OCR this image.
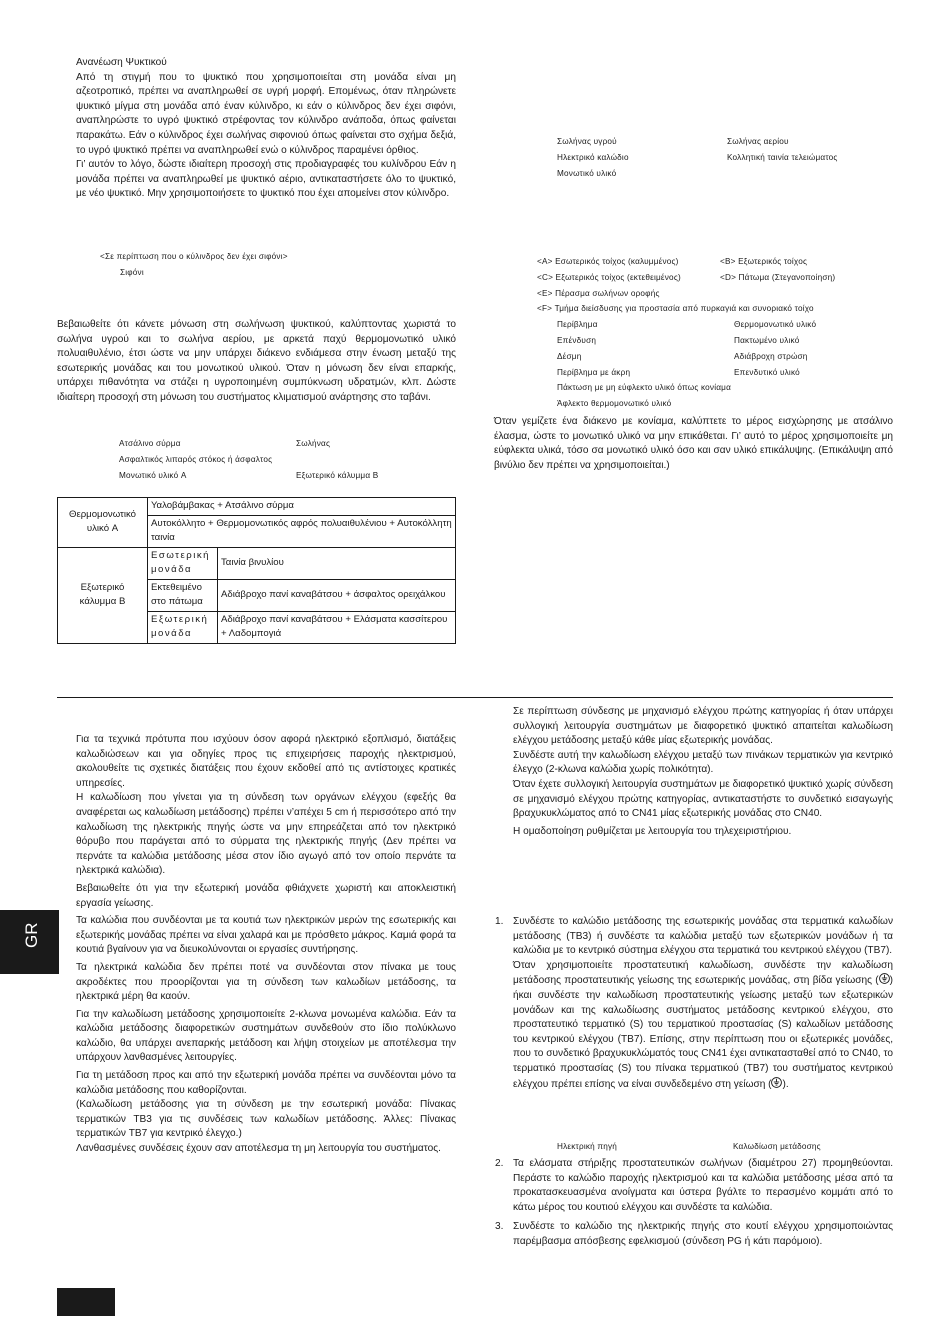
Ανανέωση Ψυκτικού

Από τη στιγμή που το ψυκτικό που χρησιμοποιείται στη μονάδα είναι μη αζεοτροπικό, πρέπει να αναπληρωθεί σε υγρή μορφή. Επομένως, όταν πληρώνετε ψυκτικό μίγμα στη μονάδα από έναν κύλινδρο, κι εάν ο κύλινδρος δεν έχει σιφόνι, αναπληρώστε το υγρό ψυκτικό στρέφοντας τον κύλινδρο ανάποδα, όπως φαίνεται παρακάτω. Εάν ο κύλινδρος έχει σωλήνας σιφονιού όπως φαίνεται στο σχήμα δεξιά, το υγρό ψυκτικό πρέπει να αναπληρωθεί ενώ ο κύλινδρος παραμένει όρθιος.

Γι’ αυτόν το λόγο, δώστε ιδιαίτερη προσοχή στις προδιαγραφές του κυλίνδρου Εάν η μονάδα πρέπει να αναπληρωθεί με ψυκτικό αέριο, αντικαταστήσετε όλο το ψυκτικό, με νέο ψυκτικό. Μην χρησιμοποιήσετε το ψυκτικό που έχει απομείνει στον κύλινδρο.

<Σε περίπτωση που ο κύλινδρος δεν έχει σιφόνι>
Σιφόνι

Βεβαιωθείτε ότι κάνετε μόνωση στη σωλήνωση ψυκτικού, καλύπτοντας χωριστά το σωλήνα υγρού και το σωλήνα αερίου, με αρκετά παχύ θερμομονωτικό υλικό πολυαιθυλένιο, έτσι ώστε να μην υπάρχει διάκενο ενδιάμεσα στην ένωση μεταξύ της εσωτερικής μονάδας και του μονωτικού υλικού. Όταν η μόνωση δεν είναι επαρκής, υπάρχει πιθανότητα να στάζει η υγροποιημένη συμπύκνωση υδρατμών, κλπ. Δώστε ιδιαίτερη προσοχή στη μόνωση του συστήματος κλιματισμού ανάρτησης στο ταβάνι.

Ατσάλινο σύρμα	Σωλήνας
Ασφαλτικός λιπαρός στόκος ή άσφαλτος
Μονωτικό υλικό A	Εξωτερικό κάλυμμα B
Θερμομονωτικό υλικό A	Υαλοβάμβακας + Ατσάλινο σύρμα	
	Αυτοκόλλητο + Θερμομονωτικός αφρός πολυαιθυλένιου + Αυτοκόλλητη ταινία	
Εξωτερικό κάλυμμα B	Εσωτερική μονάδα	Ταινία βινυλίου
	Εκτεθειμένο στο πάτωμα	Αδιάβροχο πανί καναβάτσου + άσφαλτος ορειχάλκου
	Εξωτερική μονάδα	Αδιάβροχο πανί καναβάτσου + Ελάσματα κασσίτερου + Λαδομπογιά
Σωλήνας υγρού	Σωλήνας αερίου
Ηλεκτρικό καλώδιο	Κολλητική ταινία τελειώματος
Μονωτικό υλικό
<A> Εσωτερικός τοίχος (καλυμμένος)	<B> Εξωτερικός τοίχος
<C> Εξωτερικός τοίχος (εκτεθειμένος)	<D> Πάτωμα (Στεγανοποίηση)
<E> Πέρασμα σωλήνων οροφής
<F> Τμήμα διείσδυσης για προστασία από πυρκαγιά και συνοριακό τοίχο
Περίβλημα	Θερμομονωτικό υλικό
Επένδυση	Πακτωμένο υλικό
Δέσμη	Αδιάβροχη στρώση
Περίβλημα με άκρη	Επενδυτικό υλικό
Πάκτωση με μη εύφλεκτο υλικό όπως κονίαμα
Άφλεκτο θερμομονωτικό υλικό

Όταν γεμίζετε ένα διάκενο με κονίαμα, καλύπτετε το μέρος εισχώρησης με ατσάλινο έλασμα, ώστε το μονωτικό υλικό να μην επικάθεται. Γι’ αυτό το μέρος χρησιμοποιείτε μη εύφλεκτα υλικά, τόσο σα μονωτικό υλικό όσο και σαν υλικό επικάλυψης. (Επικάλυψη από βινύλιο δεν πρέπει να χρησιμοποιείται.)

Για τα τεχνικά πρότυπα που ισχύουν όσον αφορά ηλεκτρικό εξοπλισμό, διατάξεις καλωδιώσεων και για οδηγίες προς τις επιχειρήσεις παροχής ηλεκτρισμού, ακολουθείτε τις σχετικές διατάξεις που έχουν εκδοθεί από τις αντίστοιχες κρατικές υπηρεσίες.

Η καλωδίωση που γίνεται για τη σύνδεση των οργάνων ελέγχου (εφεξής θα αναφέρεται ως καλωδίωση μετάδοσης) πρέπει ν’απέχει 5 cm ή περισσότερο από την καλωδίωση της ηλεκτρικής πηγής ώστε να μην επηρεάζεται από τον ηλεκτρικό θόρυβο που παράγεται από το σύρματα της ηλεκτρικής πηγής (Δεν πρέπει να περνάτε τα καλώδια μετάδοσης μέσα στον ίδιο αγωγό από τον οποίο περνάτε τα ηλεκτρικά καλώδια).

Βεβαιωθείτε ότι για την εξωτερική μονάδα φθιάχνετε χωριστή και αποκλειστική εργασία γείωσης.

Τα καλώδια που συνδέονται με τα κουτιά των ηλεκτρικών μερών της εσωτερικής και εξωτερικής μονάδας πρέπει να είναι χαλαρά και με πρόσθετο μάκρος. Καμιά φορά τα κουτιά βγαίνουν για να διευκολύνονται οι εργασίες συντήρησης.

Τα ηλεκτρικά καλώδια δεν πρέπει ποτέ να συνδέονται στον πίνακα με τους ακροδέκτες που προορίζονται για τη σύνδεση των καλωδίων μετάδοσης, τα ηλεκτρικά μέρη θα καούν.

Για την καλωδίωση μετάδοσης χρησιμοποιείτε 2-κλωνα μονωμένα καλώδια. Εάν τα καλώδια μετάδοσης διαφορετικών συστημάτων συνδεθούν στο ίδιο πολύκλωνο καλώδιο, θα υπάρχει ανεπαρκής μετάδοση και λήψη στοιχείων με αποτέλεσμα την υπάρχουν λανθασμένες λειτουργίες.

Για τη μετάδοση προς και από την εξωτερική μονάδα πρέπει να συνδέονται μόνο τα καλώδια μετάδοσης που καθορίζονται.

(Καλωδίωση μετάδοσης για τη σύνδεση με την εσωτερική μονάδα: Πίνακας τερματικών TB3 για τις συνδέσεις των καλωδίων μετάδοσης. Άλλες: Πίνακας τερματικών TB7 για κεντρικό έλεγχο.)

Λανθασμένες συνδέσεις έχουν σαν αποτέλεσμα τη μη λειτουργία του συστήματος.

Σε περίπτωση σύνδεσης με μηχανισμό ελέγχου πρώτης κατηγορίας ή όταν υπάρχει συλλογική λειτουργία συστημάτων με διαφορετικό ψυκτικό απαιτείται καλωδίωση ελέγχου μετάδοσης μεταξύ κάθε μίας εξωτερικής μονάδας.

Συνδέστε αυτή την καλωδίωση ελέγχου μεταξύ των πινάκων τερματικών για κεντρικό έλεγχο (2-κλωνα καλώδια χωρίς πολικότητα).

Όταν έχετε συλλογική λειτουργία συστημάτων με διαφορετικό ψυκτικό χωρίς σύνδεση σε μηχανισμό ελέγχου πρώτης κατηγορίας, αντικαταστήστε το συνδετικό εισαγωγής βραχυκυκλώματος από το CN41 μίας εξωτερικής μονάδας στο CN40.

Η ομαδοποίηση ρυθμίζεται με λειτουργία του τηλεχειριστήριου.

1. Συνδέστε το καλώδιο μετάδοσης της εσωτερικής μονάδας στα τερματικά καλωδίων μετάδοσης (TB3) ή συνδέστε τα καλώδια μεταξύ των εξωτερικών μονάδων ή τα καλώδια με το κεντρικό σύστημα ελέγχου στα τερματικά του κεντρικού ελέγχου (TB7).
Όταν χρησιμοποιείτε προστατευτική καλωδίωση, συνδέστε την καλωδίωση μετάδοσης προστατευτικής γείωσης της εσωτερικής μονάδας, στη βίδα γείωσης ( ) ήκαι συνδέστε την καλωδίωση προστατευτικής γείωσης μεταξύ των εξωτερικών μονάδων και της καλωδίωσης συστήματος μετάδοσης κεντρικού ελέγχου, στο προστατευτικό τερματικό (S) του τερματικού προστασίας (S) καλωδίων μετάδοσης του κεντρικού ελέγχου (TB7). Επίσης, στην περίπτωση που οι εξωτερικές μονάδες, που το συνδετικό βραχυκυκλώματός τους CN41 έχει αντικατασταθεί από το CN40, το τερματικό προστασίας (S) του πίνακα τερματικού (TB7) του συστήματος κεντρικού ελέγχου πρέπει επίσης να είναι συνδεδεμένο στη γείωση ( ).
Ηλεκτρική πηγή	Καλωδίωση μετάδοσης
2. Τα ελάσματα στήριξης προστατευτικών σωλήνων (διαμέτρου 27) προμηθεύονται. Περάστε το καλώδιο παροχής ηλεκτρισμού και τα καλώδια μετάδοσης μέσα από τα προκατασκευασμένα ανοίγματα και ύστερα βγάλτε το περασμένο κομμάτι από το κάτω μέρος του κουτιού ελέγχου και συνδέστε τα καλώδια.
3. Συνδέστε το καλώδιο της ηλεκτρικής πηγής στο κουτί ελέγχου χρησιμοποιώντας παρέμβασμα απόσβεσης εφελκισμού (σύνδεση PG ή κάτι παρόμοιο).
GR
